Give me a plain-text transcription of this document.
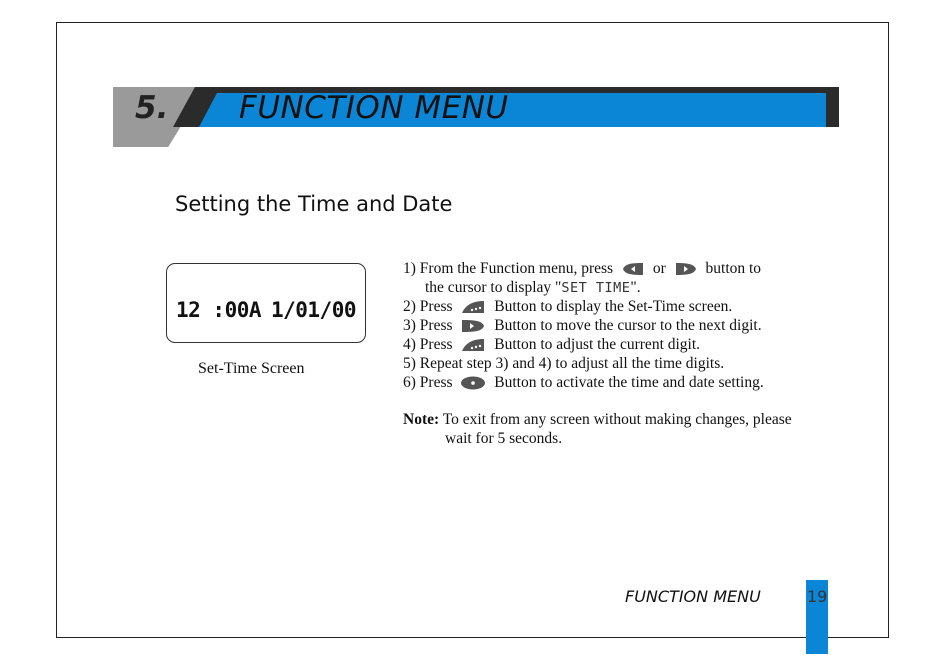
5. FUNCTION MENU
Setting the Time and Date
12 :00A 1/01/00
Set-Time Screen
1) From the Function menu, press	or	button to
the cursor to display "SET TIME".
2) Press	Button to display the Set-Time screen.
3) Press	Button to move the cursor to the next digit.
4) Press	Button to adjust the current digit.
5) Repeat step 3) and 4) to adjust all the time digits.
6) Press	Button to activate the time and date setting.
Note: To exit from any screen without making changes, please
wait for 5 seconds.
FUNCTION MENU	19
